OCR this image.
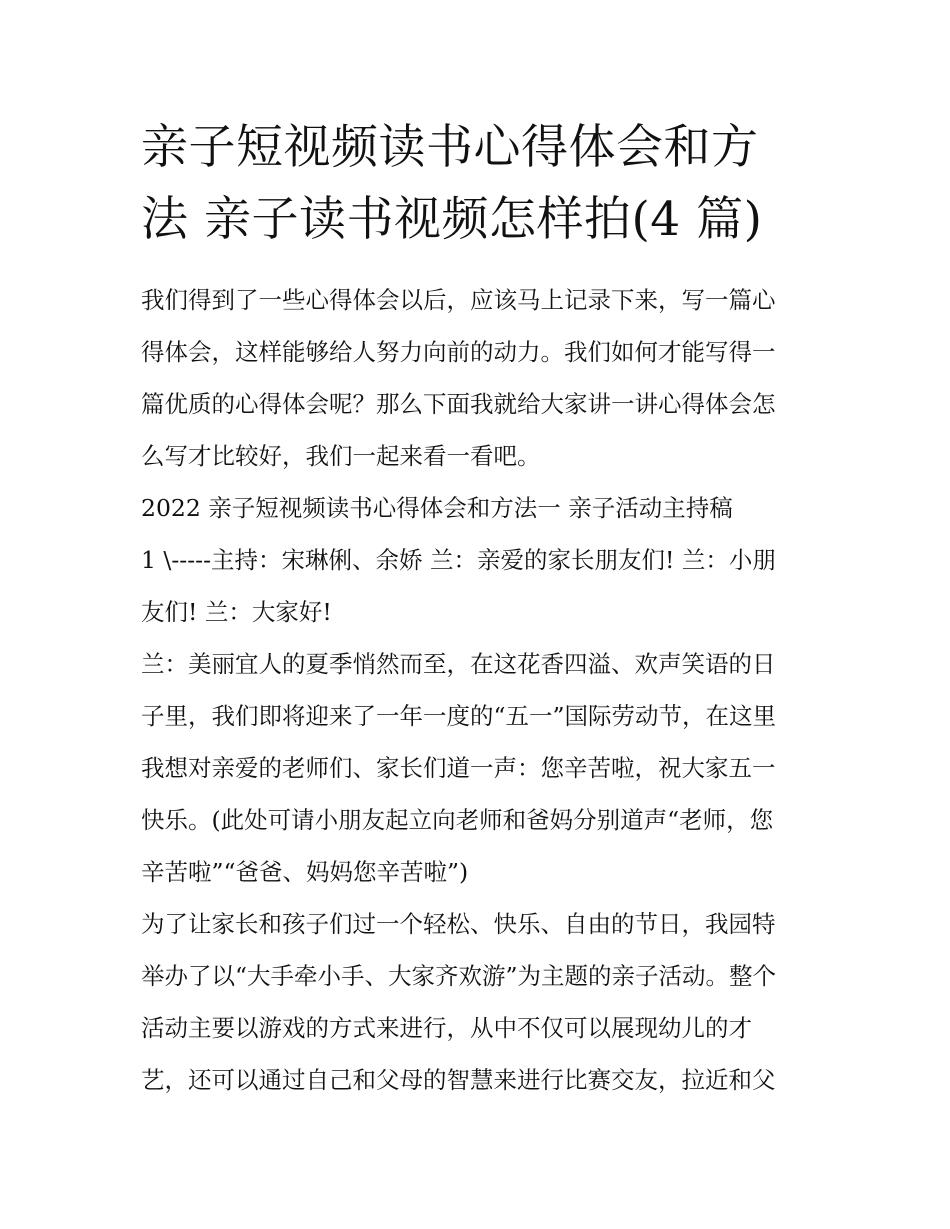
亲子短视频读书心得体会和方
法 亲子读书视频怎样拍(4 篇)

我们得到了一些心得体会以后，应该马上记录下来，写一篇心
得体会，这样能够给人努力向前的动力。我们如何才能写得一
篇优质的心得体会呢？那么下面我就给大家讲一讲心得体会怎
么写才比较好，我们一起来看一看吧。

2022 亲子短视频读书心得体会和方法一 亲子活动主持稿

1 \-----主持：宋琳俐、余娇 兰：亲爱的家长朋友们! 兰：小朋
友们! 兰：大家好!

兰：美丽宜人的夏季悄然而至，在这花香四溢、欢声笑语的日
子里，我们即将迎来了一年一度的“五一”国际劳动节，在这里
我想对亲爱的老师们、家长们道一声：您辛苦啦，祝大家五一
快乐。(此处可请小朋友起立向老师和爸妈分别道声“老师，您
辛苦啦”“爸爸、妈妈您辛苦啦”)

为了让家长和孩子们过一个轻松、快乐、自由的节日，我园特
举办了以“大手牵小手、大家齐欢游”为主题的亲子活动。整个
活动主要以游戏的方式来进行，从中不仅可以展现幼儿的才
艺，还可以通过自己和父母的智慧来进行比赛交友，拉近和父
